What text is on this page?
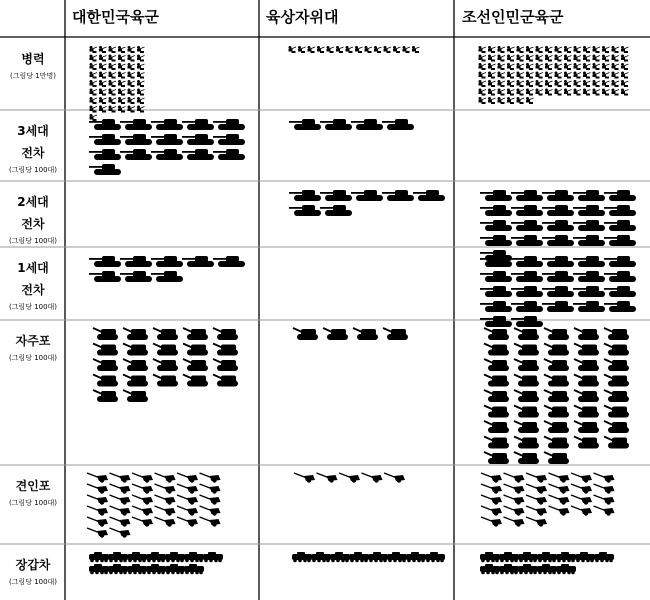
대한민국육군	육상자위대	조선인민군육군
병력
(그림당 1만명)
3세대
전차
(그림당 100대)
2세대
전차
(그림당 100대)
1세대
전차
(그림당 100대)
자주포
(그림당 100대)
견인포
(그림당 100대)
장갑차
(그림당 100대)
